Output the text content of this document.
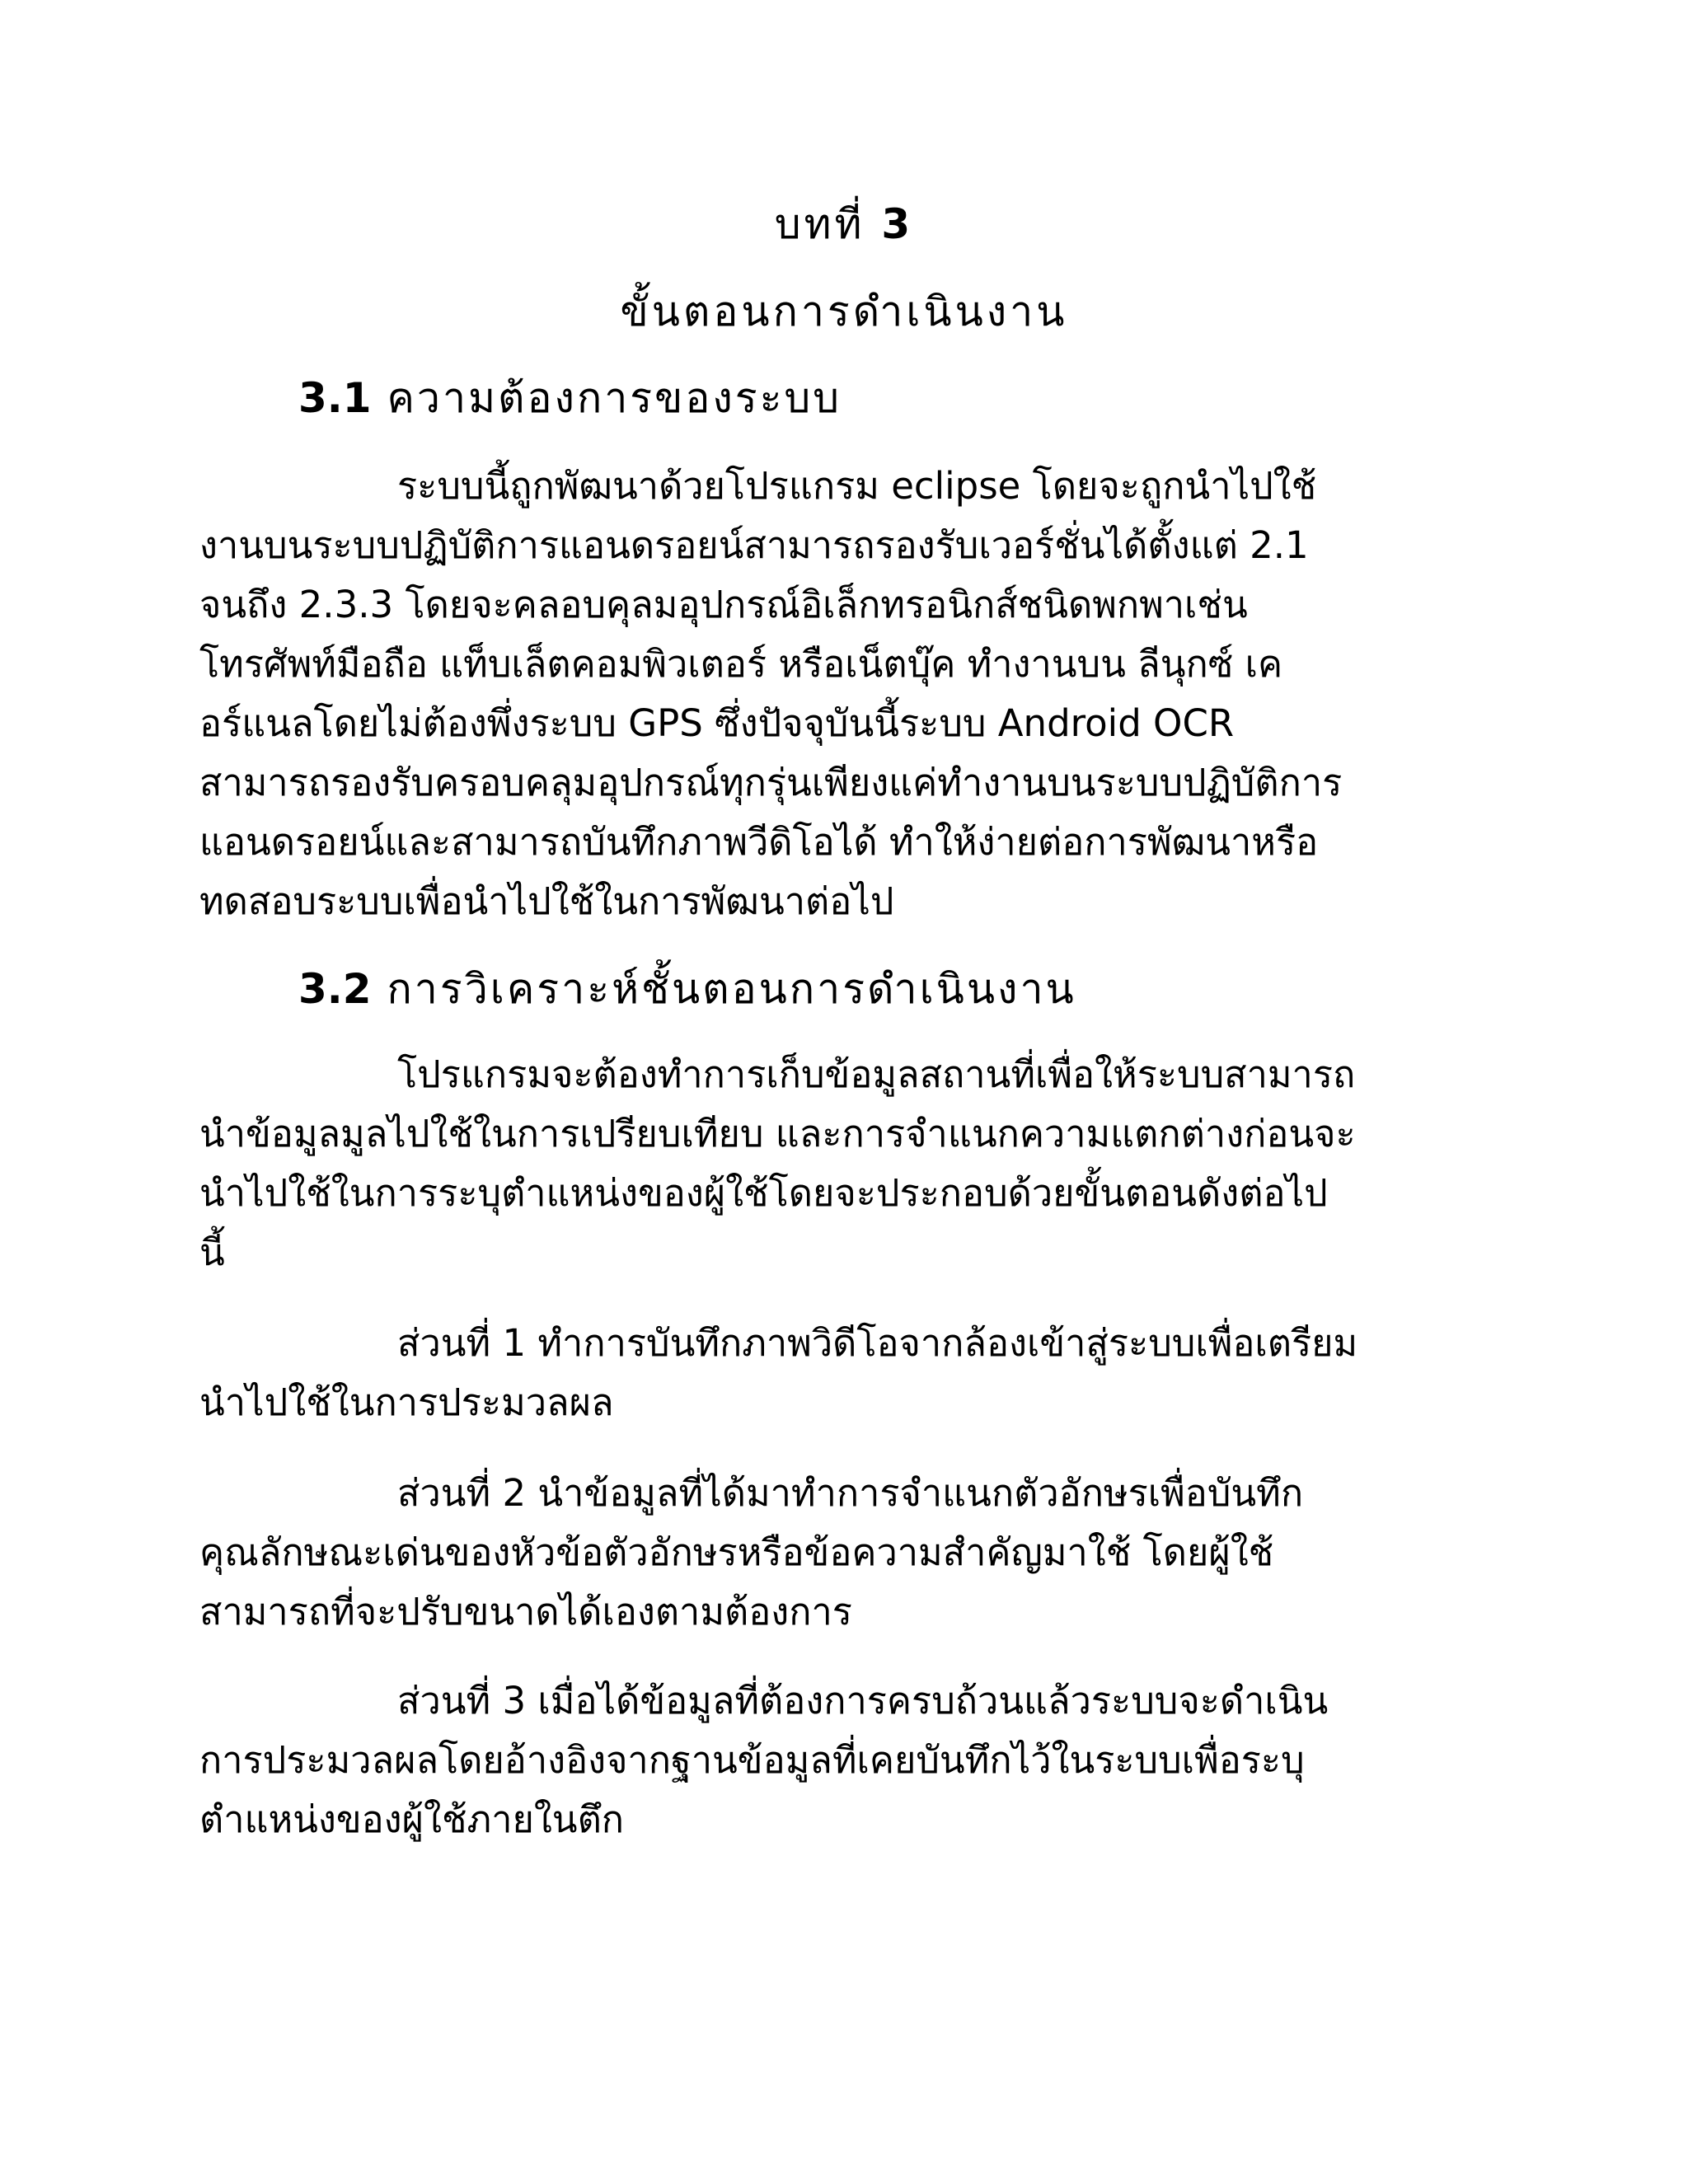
บทที่ 3
ขั้นตอนการดำเนินงาน
3.1 ความต้องการของระบบ
ระบบนี้ถูกพัฒนาด้วยโปรแกรม eclipse โดยจะถูกนำไปใช้
งานบนระบบปฏิบัติการแอนดรอยน์สามารถรองรับเวอร์ชั่นได้ตั้งแต่ 2.1
จนถึง 2.3.3 โดยจะคลอบคุลมอุปกรณ์อิเล็กทรอนิกส์ชนิดพกพาเช่น
โทรศัพท์มือถือ แท็บเล็ตคอมพิวเตอร์ หรือเน็ตบุ๊ค ทำงานบน ลีนุกซ์ เค
อร์แนลโดยไม่ต้องพึ่งระบบ GPS ซึ่งปัจจุบันนี้ระบบ Android OCR
สามารถรองรับครอบคลุมอุปกรณ์ทุกรุ่นเพียงแค่ทำงานบนระบบปฏิบัติการ
แอนดรอยน์และสามารถบันทึกภาพวีดิโอได้ ทำให้ง่ายต่อการพัฒนาหรือ
ทดสอบระบบเพื่อนำไปใช้ในการพัฒนาต่อไป
3.2 การวิเคราะห์ชั้นตอนการดำเนินงาน
โปรแกรมจะต้องทำการเก็บข้อมูลสถานที่เพื่อให้ระบบสามารถ
นำข้อมูลมูลไปใช้ในการเปรียบเทียบ และการจำแนกความแตกต่างก่อนจะ
นำไปใช้ในการระบุตำแหน่งของผู้ใช้โดยจะประกอบด้วยขั้นตอนดังต่อไป
นี้
ส่วนที่ 1 ทำการบันทึกภาพวิดีโอจากล้องเข้าสู่ระบบเพื่อเตรียม
นำไปใช้ในการประมวลผล
ส่วนที่ 2 นำข้อมูลที่ได้มาทำการจำแนกตัวอักษรเพื่อบันทึก
คุณลักษณะเด่นของหัวข้อตัวอักษรหรือข้อความสำคัญมาใช้ โดยผู้ใช้
สามารถที่จะปรับขนาดได้เองตามต้องการ
ส่วนที่ 3 เมื่อได้ข้อมูลที่ต้องการครบถ้วนแล้วระบบจะดำเนิน
การประมวลผลโดยอ้างอิงจากฐานข้อมูลที่เคยบันทึกไว้ในระบบเพื่อระบุ
ตำแหน่งของผู้ใช้ภายในตึก
